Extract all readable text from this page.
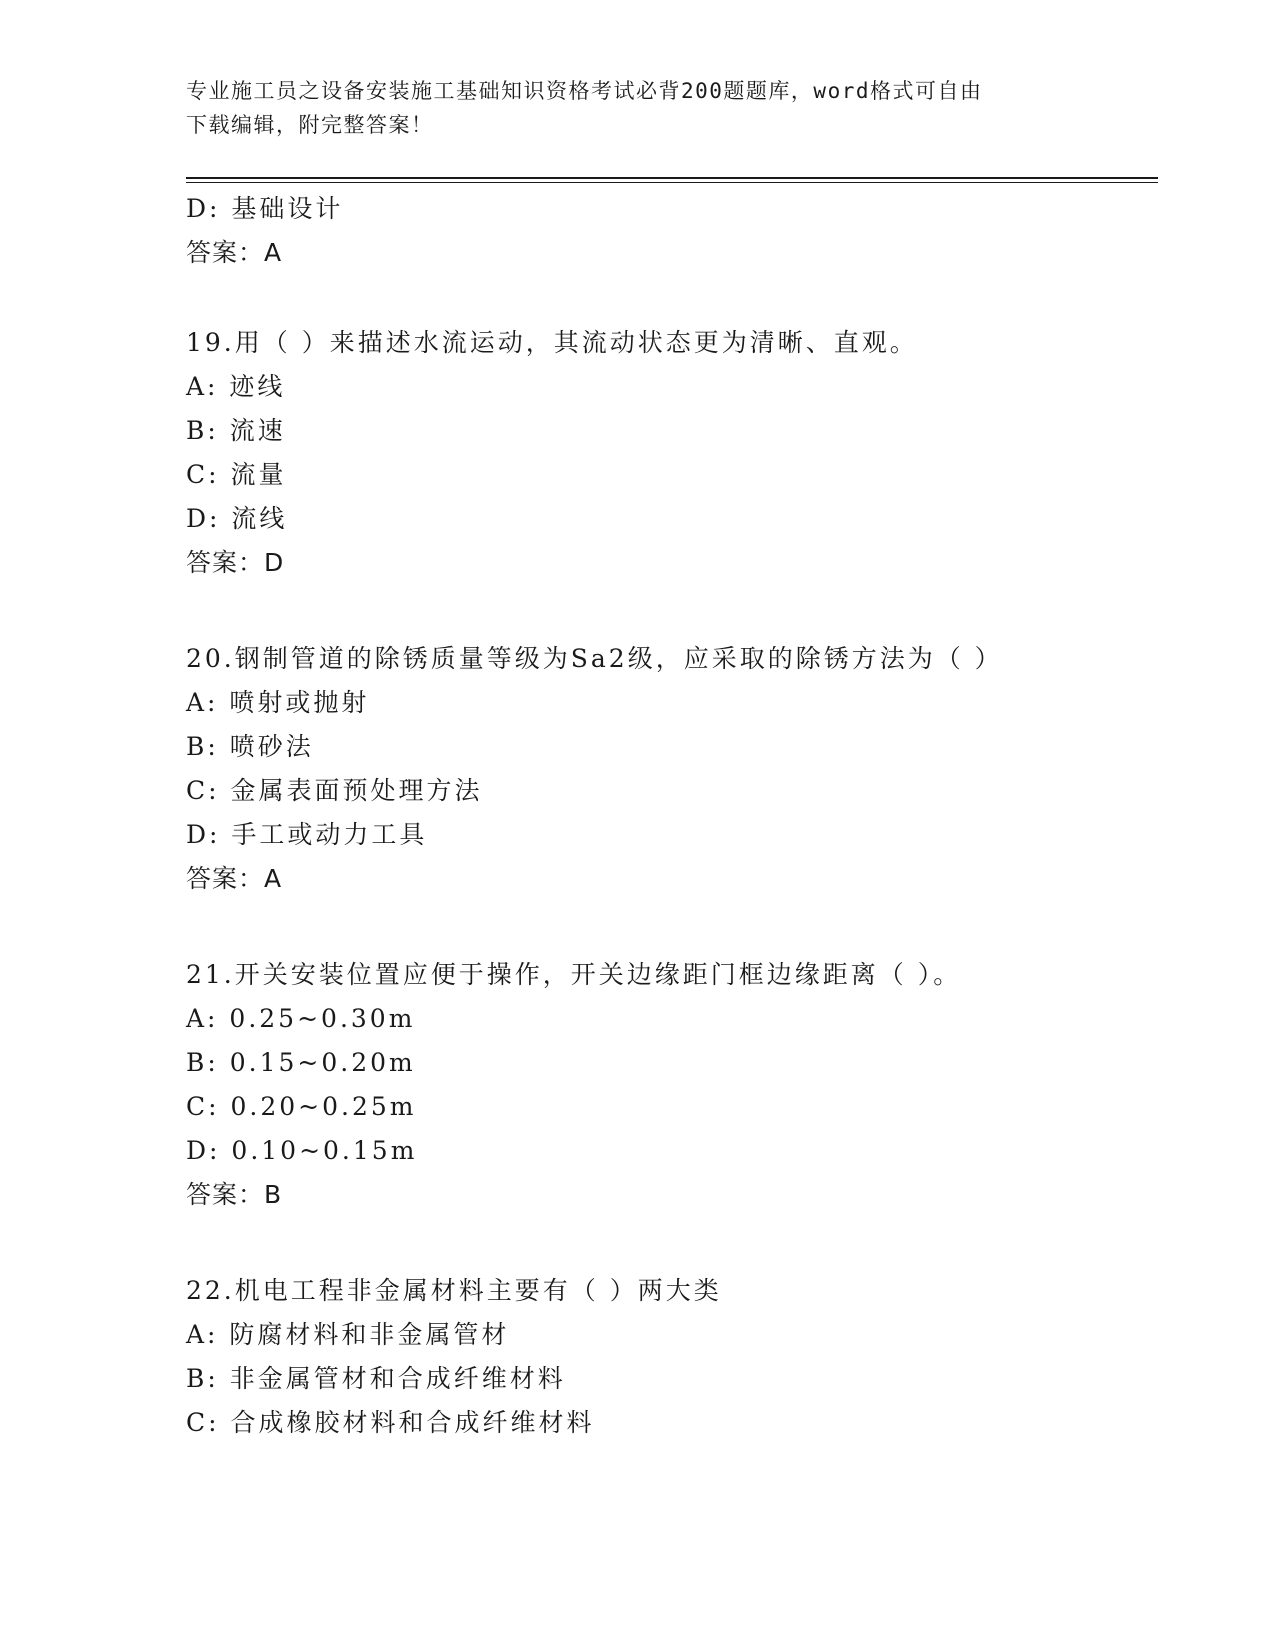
专业施工员之设备安装施工基础知识资格考试必背200题题库，word格式可自由
下载编辑，附完整答案！
D: 基础设计
答案：A
19.用（ ）来描述水流运动，其流动状态更为清晰、直观。
A: 迹线
B: 流速
C: 流量
D: 流线
答案：D
20.钢制管道的除锈质量等级为Sa2级，应采取的除锈方法为（ ）
A: 喷射或抛射
B: 喷砂法
C: 金属表面预处理方法
D: 手工或动力工具
答案：A
21.开关安装位置应便于操作，开关边缘距门框边缘距离（ ）。
A: 0.25~0.30m
B: 0.15~0.20m
C: 0.20~0.25m
D: 0.10~0.15m
答案：B
22.机电工程非金属材料主要有（ ）两大类
A: 防腐材料和非金属管材
B: 非金属管材和合成纤维材料
C: 合成橡胶材料和合成纤维材料
